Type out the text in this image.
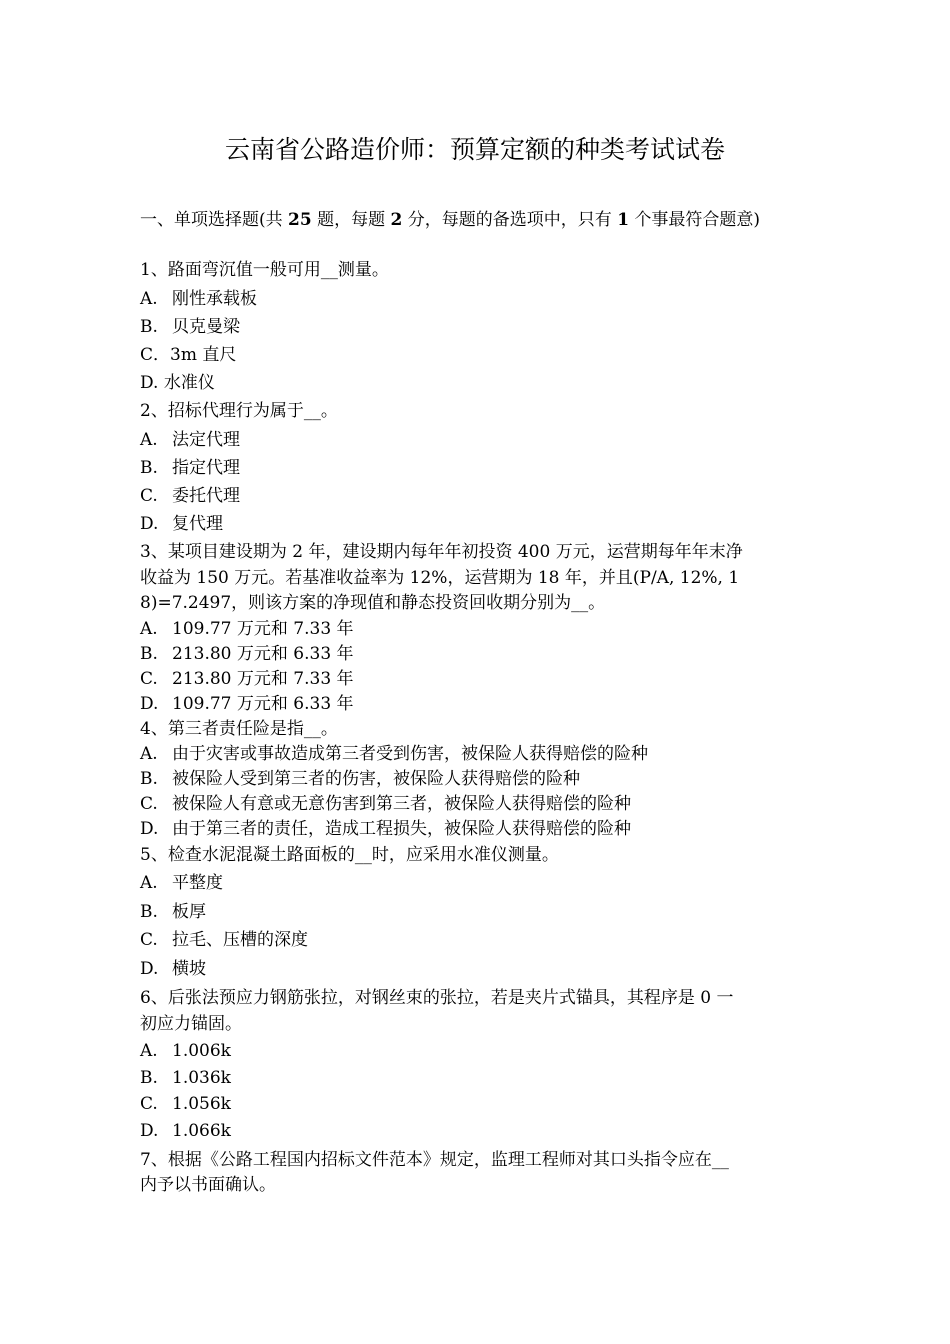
云南省公路造价师：预算定额的种类考试试卷
一、单项选择题(共 25 题，每题 2 分，每题的备选项中，只有 1 个事最符合题意)
1、路面弯沉值一般可用__测量。
A. 刚性承载板
B. 贝克曼梁
C．3m 直尺
D. 水准仪
2、招标代理行为属于__。
A. 法定代理
B. 指定代理
C. 委托代理
D. 复代理
3、某项目建设期为 2 年，建设期内每年年初投资 400 万元，运营期每年年末净
收益为 150 万元。若基准收益率为 12%，运营期为 18 年，并且(P/A, 12%, 1
8)=7.2497，则该方案的净现值和静态投资回收期分别为__。
A. 109.77 万元和 7.33 年
B. 213.80 万元和 6.33 年
C. 213.80 万元和 7.33 年
D. 109.77 万元和 6.33 年
4、第三者责任险是指__。
A. 由于灾害或事故造成第三者受到伤害，被保险人获得赔偿的险种
B. 被保险人受到第三者的伤害，被保险人获得赔偿的险种
C. 被保险人有意或无意伤害到第三者，被保险人获得赔偿的险种
D. 由于第三者的责任，造成工程损失，被保险人获得赔偿的险种
5、检查水泥混凝土路面板的__时，应采用水准仪测量。
A. 平整度
B. 板厚
C. 拉毛、压槽的深度
D. 横坡
6、后张法预应力钢筋张拉，对钢丝束的张拉，若是夹片式锚具，其程序是 0 一
初应力锚固。
A. 1.006k
B. 1.036k
C. 1.056k
D. 1.066k
7、根据《公路工程国内招标文件范本》规定，监理工程师对其口头指令应在__
内予以书面确认。
